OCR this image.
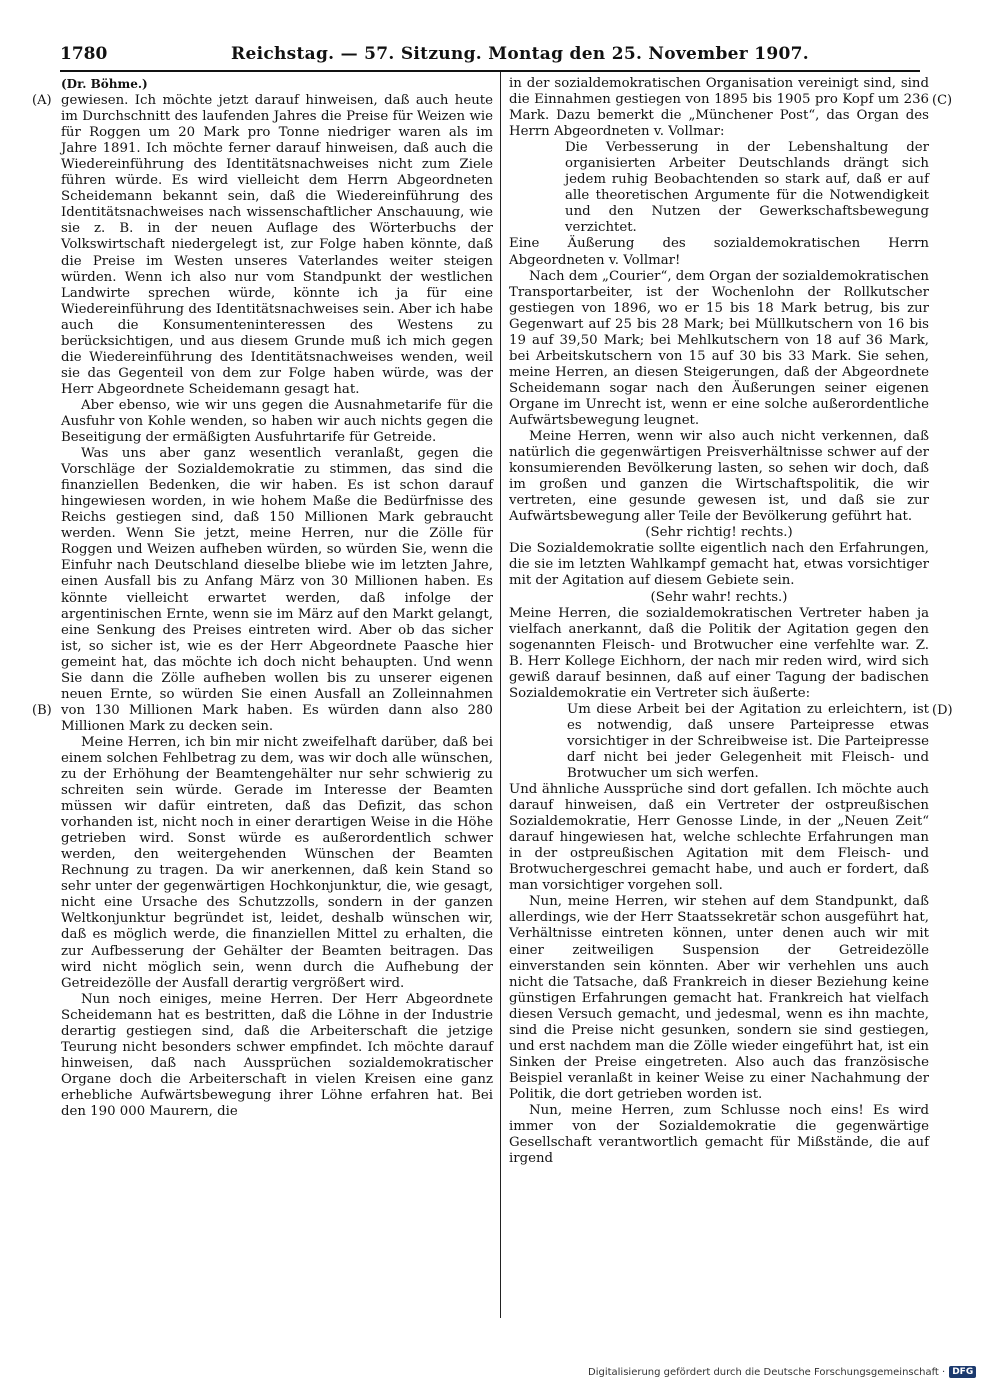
1780	Reichstag. — 57. Sitzung. Montag den 25. November 1907.
(A)
(B)
(C)
(D)

(Dr. Böhme.)

gewiesen. Ich möchte jetzt darauf hinweisen, daß auch heute im Durchschnitt des laufenden Jahres die Preise für Weizen wie für Roggen um 20 Mark pro Tonne niedriger waren als im Jahre 1891. Ich möchte ferner darauf hinweisen, daß auch die Wiedereinführung des Identitätsnachweises nicht zum Ziele führen würde. Es wird vielleicht dem Herrn Abgeordneten Scheidemann bekannt sein, daß die Wiedereinführung des Identitätsnachweises nach wissenschaftlicher Anschauung, wie sie z. B. in der neuen Auflage des Wörterbuchs der Volkswirtschaft niedergelegt ist, zur Folge haben könnte, daß die Preise im Westen unseres Vaterlandes weiter steigen würden. Wenn ich also nur vom Standpunkt der westlichen Landwirte sprechen würde, könnte ich ja für eine Wiedereinführung des Identitätsnachweises sein. Aber ich habe auch die Konsumenteninteressen des Westens zu berücksichtigen, und aus diesem Grunde muß ich mich gegen die Wiedereinführung des Identitätsnachweises wenden, weil sie das Gegenteil von dem zur Folge haben würde, was der Herr Abgeordnete Scheidemann gesagt hat.

Aber ebenso, wie wir uns gegen die Ausnahmetarife für die Ausfuhr von Kohle wenden, so haben wir auch nichts gegen die Beseitigung der ermäßigten Ausfuhrtarife für Getreide.

Was uns aber ganz wesentlich veranlaßt, gegen die Vorschläge der Sozialdemokratie zu stimmen, das sind die finanziellen Bedenken, die wir haben. Es ist schon darauf hingewiesen worden, in wie hohem Maße die Bedürfnisse des Reichs gestiegen sind, daß 150 Millionen Mark gebraucht werden. Wenn Sie jetzt, meine Herren, nur die Zölle für Roggen und Weizen aufheben würden, so würden Sie, wenn die Einfuhr nach Deutschland dieselbe bliebe wie im letzten Jahre, einen Ausfall bis zu Anfang März von 30 Millionen haben. Es könnte vielleicht erwartet werden, daß infolge der argentinischen Ernte, wenn sie im März auf den Markt gelangt, eine Senkung des Preises eintreten wird. Aber ob das sicher ist, so sicher ist, wie es der Herr Abgeordnete Paasche hier gemeint hat, das möchte ich doch nicht behaupten. Und wenn Sie dann die Zölle aufheben wollen bis zu unserer eigenen neuen Ernte, so würden Sie einen Ausfall an Zolleinnahmen von 130 Millionen Mark haben. Es würden dann also 280 Millionen Mark zu decken sein.

Meine Herren, ich bin mir nicht zweifelhaft darüber, daß bei einem solchen Fehlbetrag zu dem, was wir doch alle wünschen, zu der Erhöhung der Beamtengehälter nur sehr schwierig zu schreiten sein würde. Gerade im Interesse der Beamten müssen wir dafür eintreten, daß das Defizit, das schon vorhanden ist, nicht noch in einer derartigen Weise in die Höhe getrieben wird. Sonst würde es außerordentlich schwer werden, den weitergehenden Wünschen der Beamten Rechnung zu tragen. Da wir anerkennen, daß kein Stand so sehr unter der gegenwärtigen Hochkonjunktur, die, wie gesagt, nicht eine Ursache des Schutzzolls, sondern in der ganzen Weltkonjunktur begründet ist, leidet, deshalb wünschen wir, daß es möglich werde, die finanziellen Mittel zu erhalten, die zur Aufbesserung der Gehälter der Beamten beitragen. Das wird nicht möglich sein, wenn durch die Aufhebung der Getreidezölle der Ausfall derartig vergrößert wird.

Nun noch einiges, meine Herren. Der Herr Abgeordnete Scheidemann hat es bestritten, daß die Löhne in der Industrie derartig gestiegen sind, daß die Arbeiterschaft die jetzige Teurung nicht besonders schwer empfindet. Ich möchte darauf hinweisen, daß nach Aussprüchen sozialdemokratischer Organe doch die Arbeiterschaft in vielen Kreisen eine ganz erhebliche Aufwärtsbewegung ihrer Löhne erfahren hat. Bei den 190 000 Maurern, die

in der sozialdemokratischen Organisation vereinigt sind, sind die Einnahmen gestiegen von 1895 bis 1905 pro Kopf um 236 Mark. Dazu bemerkt die „Münchener Post“, das Organ des Herrn Abgeordneten v. Vollmar:

Die Verbesserung in der Lebenshaltung der organisierten Arbeiter Deutschlands drängt sich jedem ruhig Beobachtenden so stark auf, daß er auf alle theoretischen Argumente für die Notwendigkeit und den Nutzen der Gewerkschaftsbewegung verzichtet.

Eine Äußerung des sozialdemokratischen Herrn Abgeordneten v. Vollmar!

Nach dem „Courier“, dem Organ der sozialdemokratischen Transportarbeiter, ist der Wochenlohn der Rollkutscher gestiegen von 1896, wo er 15 bis 18 Mark betrug, bis zur Gegenwart auf 25 bis 28 Mark; bei Müllkutschern von 16 bis 19 auf 39,50 Mark; bei Mehlkutschern von 18 auf 36 Mark, bei Arbeitskutschern von 15 auf 30 bis 33 Mark. Sie sehen, meine Herren, an diesen Steigerungen, daß der Abgeordnete Scheidemann sogar nach den Äußerungen seiner eigenen Organe im Unrecht ist, wenn er eine solche außerordentliche Aufwärtsbewegung leugnet.

Meine Herren, wenn wir also auch nicht verkennen, daß natürlich die gegenwärtigen Preisverhältnisse schwer auf der konsumierenden Bevölkerung lasten, so sehen wir doch, daß im großen und ganzen die Wirtschaftspolitik, die wir vertreten, eine gesunde gewesen ist, und daß sie zur Aufwärtsbewegung aller Teile der Bevölkerung geführt hat.

(Sehr richtig! rechts.)

Die Sozialdemokratie sollte eigentlich nach den Erfahrungen, die sie im letzten Wahlkampf gemacht hat, etwas vorsichtiger mit der Agitation auf diesem Gebiete sein.

(Sehr wahr! rechts.)

Meine Herren, die sozialdemokratischen Vertreter haben ja vielfach anerkannt, daß die Politik der Agitation gegen den sogenannten Fleisch- und Brotwucher eine verfehlte war. Z. B. Herr Kollege Eichhorn, der nach mir reden wird, wird sich gewiß darauf besinnen, daß auf einer Tagung der badischen Sozialdemokratie ein Vertreter sich äußerte:

Um diese Arbeit bei der Agitation zu erleichtern, ist es notwendig, daß unsere Parteipresse etwas vorsichtiger in der Schreibweise ist. Die Parteipresse darf nicht bei jeder Gelegenheit mit Fleisch- und Brotwucher um sich werfen.

Und ähnliche Aussprüche sind dort gefallen. Ich möchte auch darauf hinweisen, daß ein Vertreter der ostpreußischen Sozialdemokratie, Herr Genosse Linde, in der „Neuen Zeit“ darauf hingewiesen hat, welche schlechte Erfahrungen man in der ostpreußischen Agitation mit dem Fleisch- und Brotwuchergeschrei gemacht habe, und auch er fordert, daß man vorsichtiger vorgehen soll.

Nun, meine Herren, wir stehen auf dem Standpunkt, daß allerdings, wie der Herr Staatssekretär schon ausgeführt hat, Verhältnisse eintreten können, unter denen auch wir mit einer zeitweiligen Suspension der Getreidezölle einverstanden sein könnten. Aber wir verhehlen uns auch nicht die Tatsache, daß Frankreich in dieser Beziehung keine günstigen Erfahrungen gemacht hat. Frankreich hat vielfach diesen Versuch gemacht, und jedesmal, wenn es ihn machte, sind die Preise nicht gesunken, sondern sie sind gestiegen, und erst nachdem man die Zölle wieder eingeführt hat, ist ein Sinken der Preise eingetreten. Also auch das französische Beispiel veranlaßt in keiner Weise zu einer Nachahmung der Politik, die dort getrieben worden ist.

Nun, meine Herren, zum Schlusse noch eins! Es wird immer von der Sozialdemokratie die gegenwärtige Gesellschaft verantwortlich gemacht für Mißstände, die auf irgend

Digitalisierung gefördert durch die Deutsche Forschungsgemeinschaft · DFG
